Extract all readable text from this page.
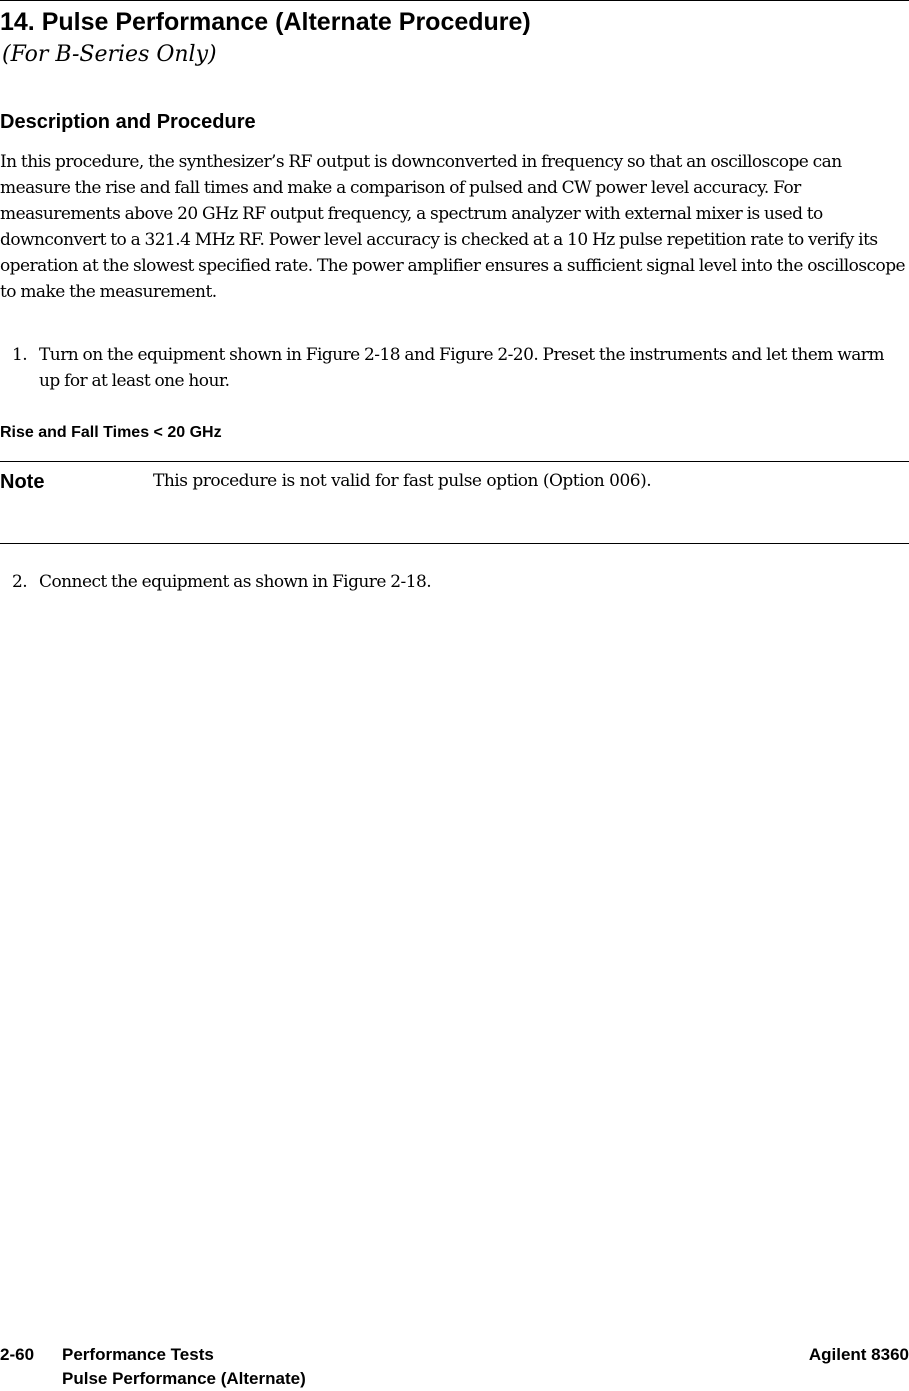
14. Pulse Performance (Alternate Procedure)
(For B-Series Only)
Description and Procedure
In this procedure, the synthesizer’s RF output is downconverted in frequency so that an oscilloscope can measure the rise and fall times and make a comparison of pulsed and CW power level accuracy. For measurements above 20 GHz RF output frequency, a spectrum analyzer with external mixer is used to downconvert to a 321.4 MHz RF. Power level accuracy is checked at a 10 Hz pulse repetition rate to verify its operation at the slowest specified rate. The power amplifier ensures a sufficient signal level into the oscilloscope to make the measurement.
1. Turn on the equipment shown in Figure 2-18 and Figure 2-20. Preset the instruments and let them warm up for at least one hour.
Rise and Fall Times < 20 GHz
Note	This procedure is not valid for fast pulse option (Option 006).
2. Connect the equipment as shown in Figure 2-18.
2-60 Performance Tests
Pulse Performance (Alternate)
Agilent 8360
